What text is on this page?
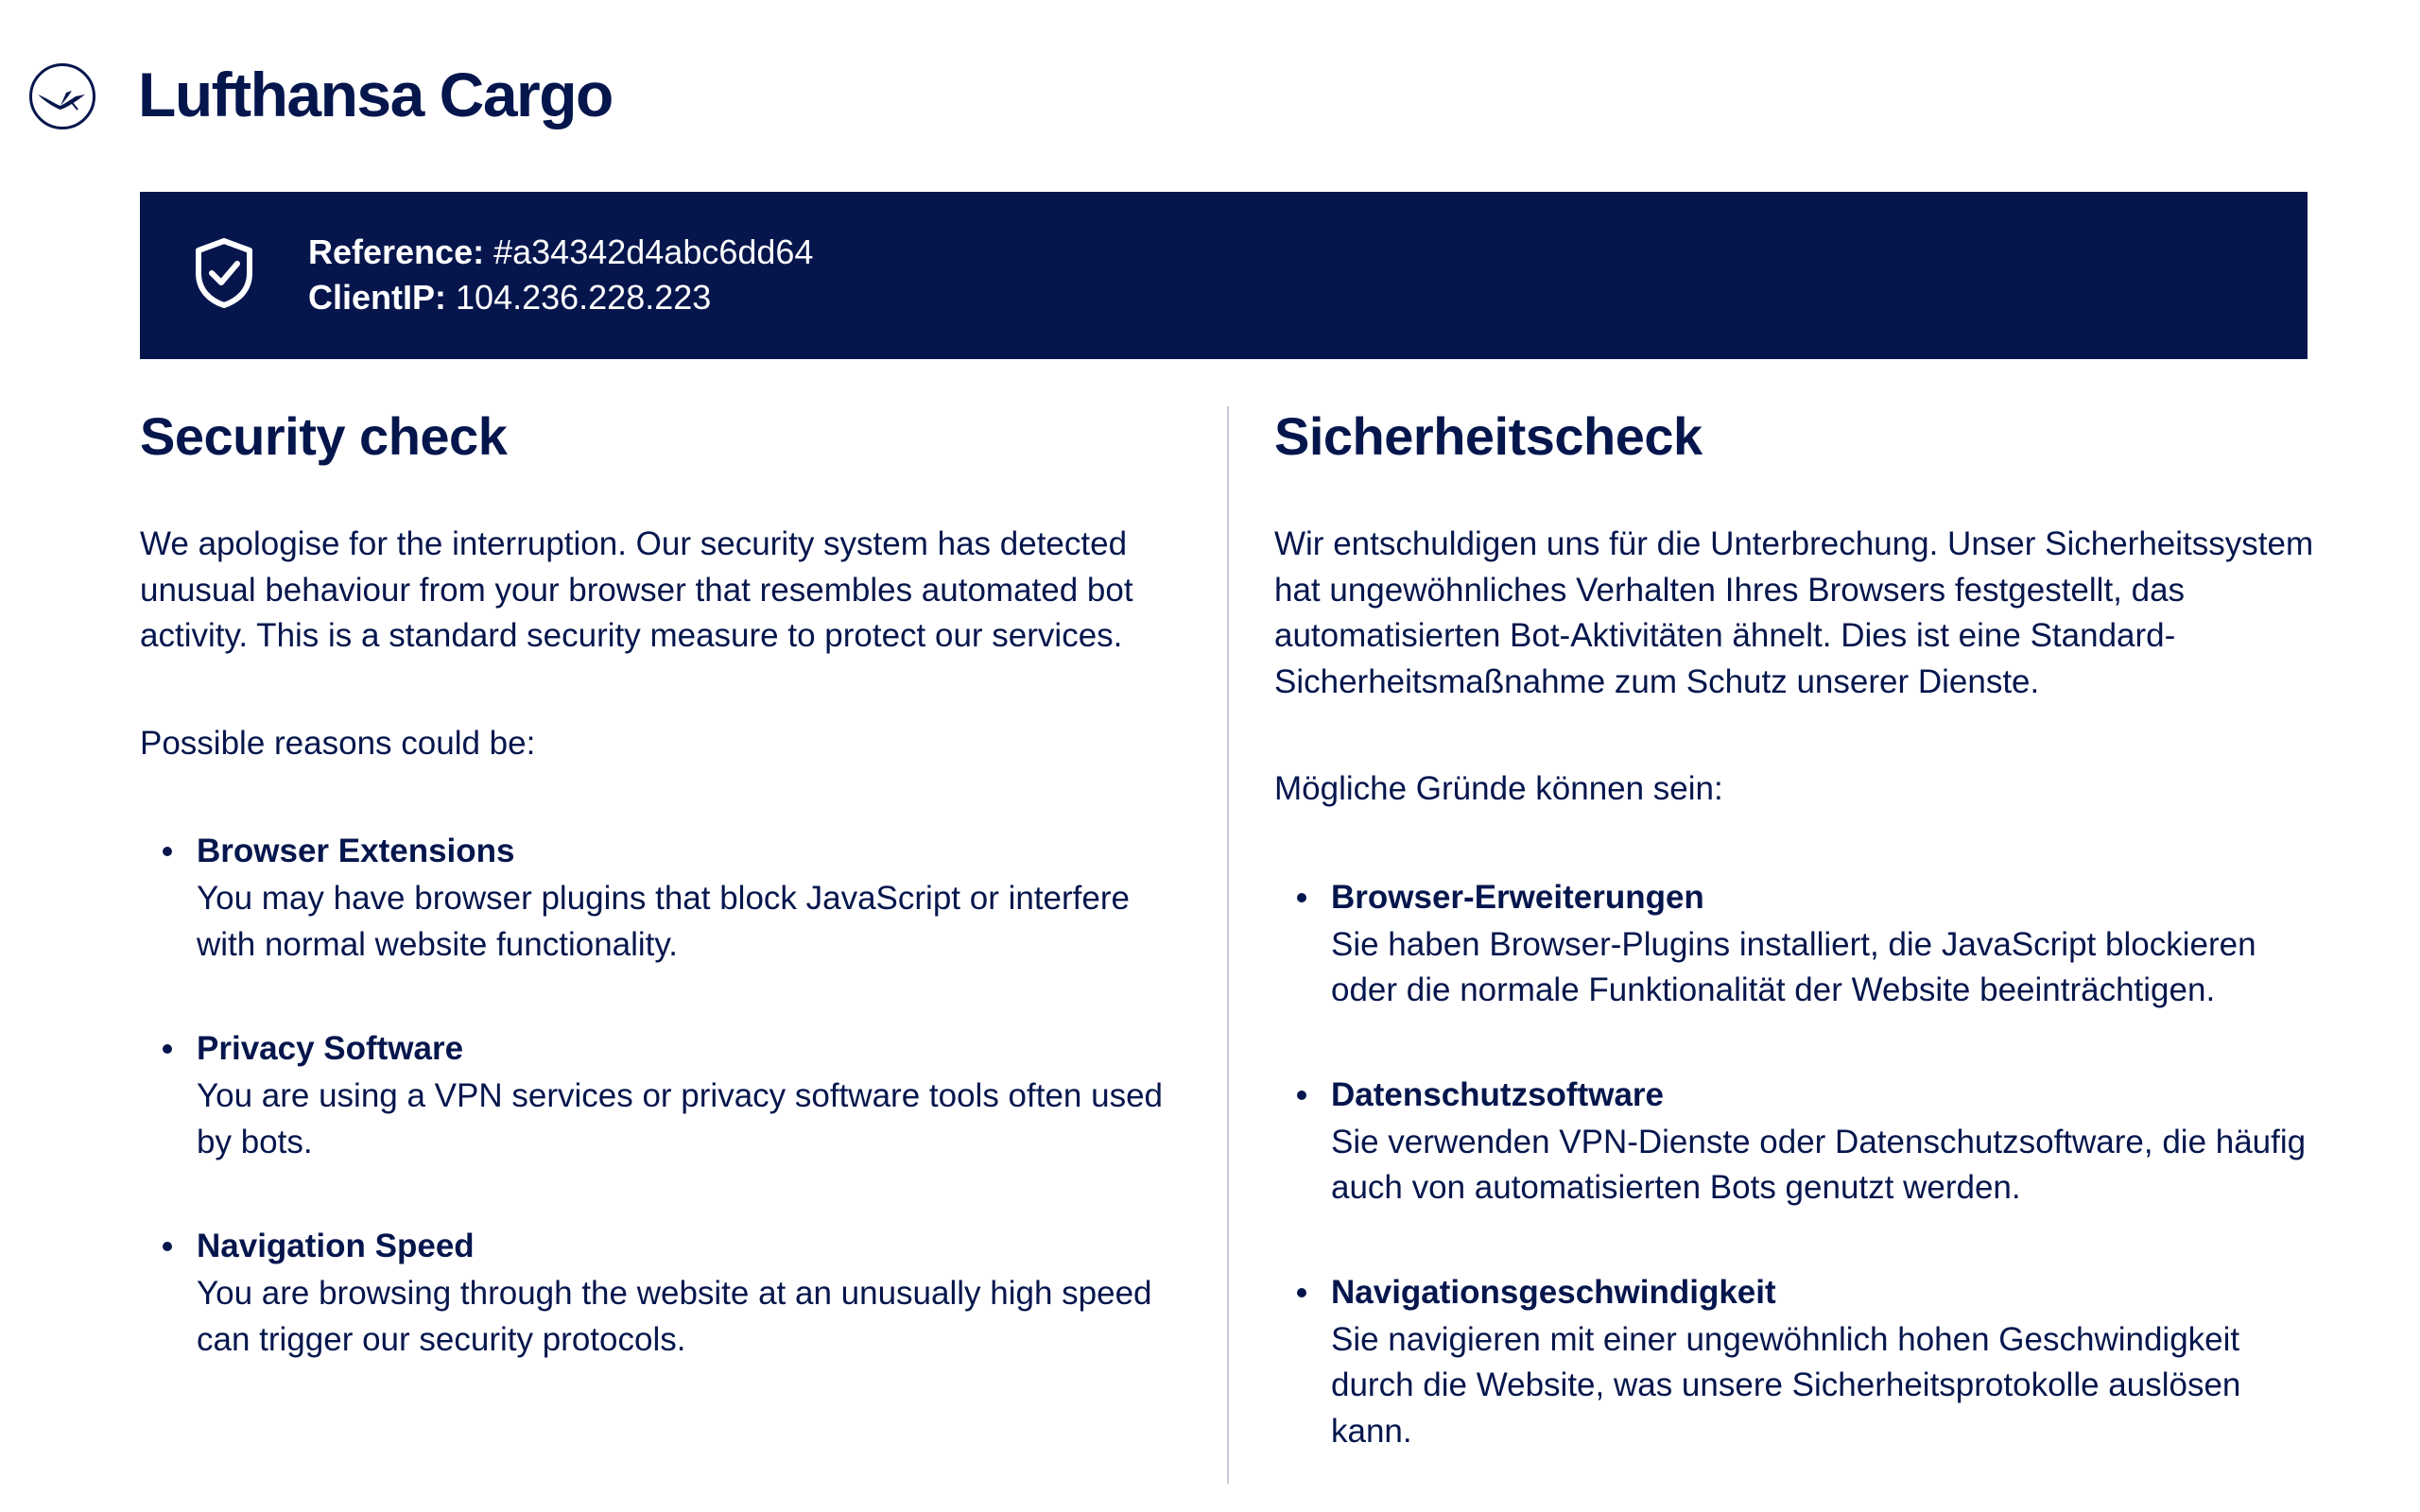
Lufthansa Cargo
Reference: #a34342d4abc6dd64
ClientIP: 104.236.228.223
Security check

We apologise for the interruption. Our security system has detected unusual behaviour from your browser that resembles automated bot activity. This is a standard security measure to protect our services.

Possible reasons could be:

Browser Extensions
You may have browser plugins that block JavaScript or interfere with normal website functionality.
Privacy Software
You are using a VPN services or privacy software tools often used by bots.
Navigation Speed
You are browsing through the website at an unusually high speed can trigger our security protocols.
Sicherheitscheck

Wir entschuldigen uns für die Unterbrechung. Unser Sicherheitssystem hat ungewöhnliches Verhalten Ihres Browsers festgestellt, das automatisierten Bot-Aktivitäten ähnelt. Dies ist eine Standard-Sicherheitsmaßnahme zum Schutz unserer Dienste.

Mögliche Gründe können sein:

Browser-Erweiterungen
Sie haben Browser-Plugins installiert, die JavaScript blockieren oder die normale Funktionalität der Website beeinträchtigen.
Datenschutzsoftware
Sie verwenden VPN-Dienste oder Datenschutzsoftware, die häufig auch von automatisierten Bots genutzt werden.
Navigationsgeschwindigkeit
Sie navigieren mit einer ungewöhnlich hohen Geschwindigkeit durch die Website, was unsere Sicherheitsprotokolle auslösen kann.
